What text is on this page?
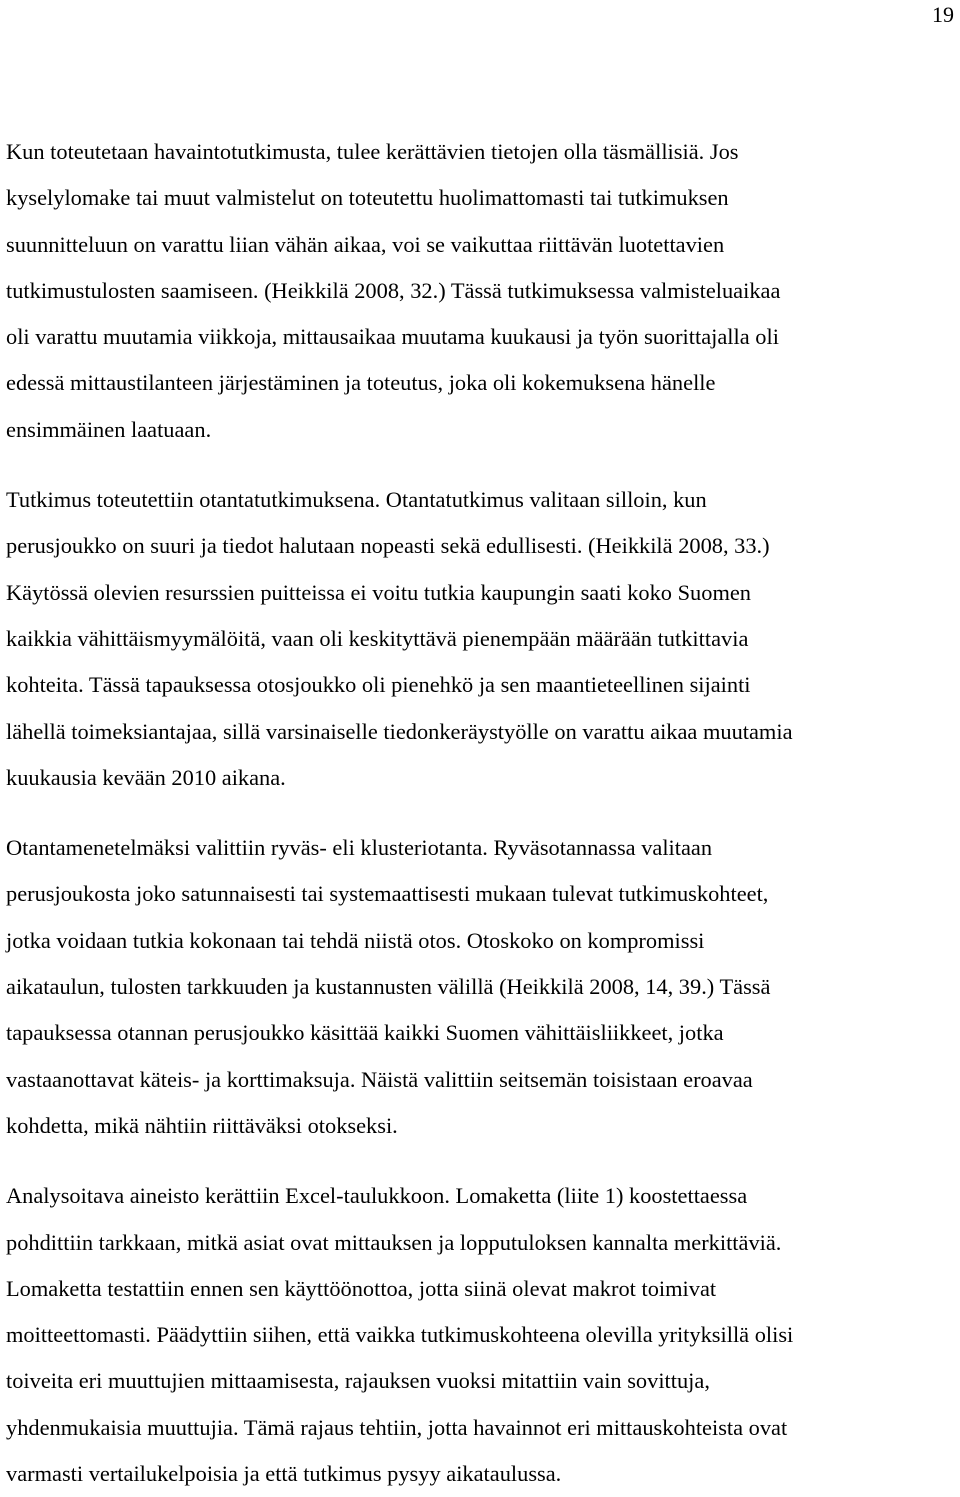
19

Kun toteutetaan havaintotutkimusta, tulee kerättävien tietojen olla täsmällisiä. Jos
kyselylomake tai muut valmistelut on toteutettu huolimattomasti tai tutkimuksen
suunnitteluun on varattu liian vähän aikaa, voi se vaikuttaa riittävän luotettavien
tutkimustulosten saamiseen. (Heikkilä 2008, 32.) Tässä tutkimuksessa valmisteluaikaa
oli varattu muutamia viikkoja, mittausaikaa muutama kuukausi ja työn suorittajalla oli
edessä mittaustilanteen järjestäminen ja toteutus, joka oli kokemuksena hänelle
ensimmäinen laatuaan.

Tutkimus toteutettiin otantatutkimuksena. Otantatutkimus valitaan silloin, kun
perusjoukko on suuri ja tiedot halutaan nopeasti sekä edullisesti. (Heikkilä 2008, 33.)
Käytössä olevien resurssien puitteissa ei voitu tutkia kaupungin saati koko Suomen
kaikkia vähittäismyymälöitä, vaan oli keskityttävä pienempään määrään tutkittavia
kohteita. Tässä tapauksessa otosjoukko oli pienehkö ja sen maantieteellinen sijainti
lähellä toimeksiantajaa, sillä varsinaiselle tiedonkeräystyölle on varattu aikaa muutamia
kuukausia kevään 2010 aikana.

Otantamenetelmäksi valittiin ryväs- eli klusteriotanta. Ryväsotannassa valitaan
perusjoukosta joko satunnaisesti tai systemaattisesti mukaan tulevat tutkimuskohteet,
jotka voidaan tutkia kokonaan tai tehdä niistä otos. Otoskoko on kompromissi
aikataulun, tulosten tarkkuuden ja kustannusten välillä (Heikkilä 2008, 14, 39.) Tässä
tapauksessa otannan perusjoukko käsittää kaikki Suomen vähittäisliikkeet, jotka
vastaanottavat käteis- ja korttimaksuja. Näistä valittiin seitsemän toisistaan eroavaa
kohdetta, mikä nähtiin riittäväksi otokseksi.

Analysoitava aineisto kerättiin Excel-taulukkoon. Lomaketta (liite 1) koostettaessa
pohdittiin tarkkaan, mitkä asiat ovat mittauksen ja lopputuloksen kannalta merkittäviä.
Lomaketta testattiin ennen sen käyttöönottoa, jotta siinä olevat makrot toimivat
moitteettomasti. Päädyttiin siihen, että vaikka tutkimuskohteena olevilla yrityksillä olisi
toiveita eri muuttujien mittaamisesta, rajauksen vuoksi mitattiin vain sovittuja,
yhdenmukaisia muuttujia. Tämä rajaus tehtiin, jotta havainnot eri mittauskohteista ovat
varmasti vertailukelpoisia ja että tutkimus pysyy aikataulussa.
